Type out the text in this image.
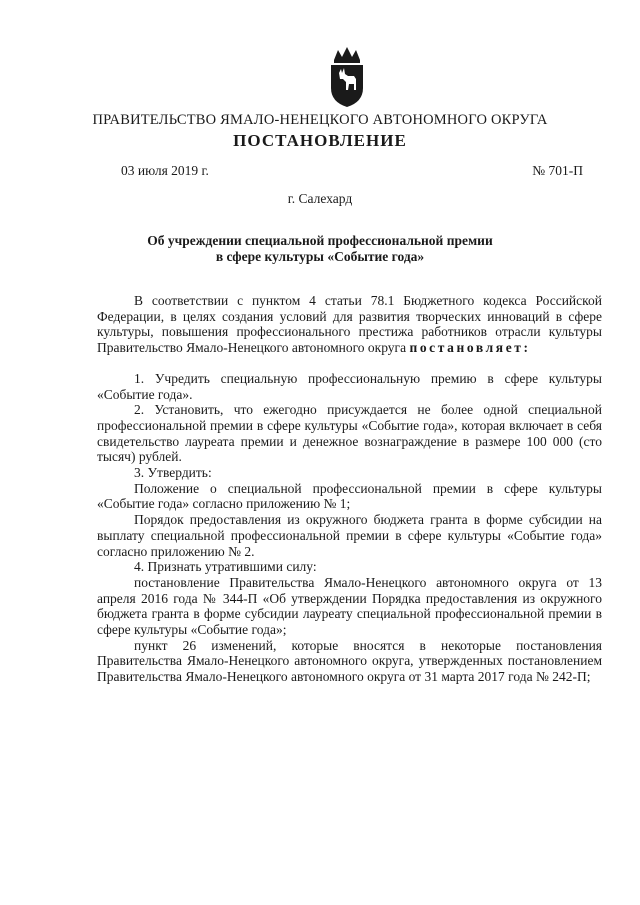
ПРАВИТЕЛЬСТВО ЯМАЛО-НЕНЕЦКОГО АВТОНОМНОГО ОКРУГА
ПОСТАНОВЛЕНИЕ
03 июля 2019 г.	№ 701-П
г. Салехард
Об учреждении специальной профессиональной премии
в сфере культуры «Событие года»

В соответствии с пунктом 4 статьи 78.1 Бюджетного кодекса Российской Федерации, в целях создания условий для развития творческих инноваций в сфере культуры, повышения профессионального престижа работников отрасли культуры Правительство Ямало-Ненецкого автономного округа постановляет:

1. Учредить специальную профессиональную премию в сфере культуры «Событие года».

2. Установить, что ежегодно присуждается не более одной специальной профессиональной премии в сфере культуры «Событие года», которая включает в себя свидетельство лауреата премии и денежное вознаграждение в размере 100 000 (сто тысяч) рублей.

3. Утвердить:

Положение о специальной профессиональной премии в сфере культуры «Событие года» согласно приложению № 1;

Порядок предоставления из окружного бюджета гранта в форме субсидии на выплату специальной профессиональной премии в сфере культуры «Событие года» согласно приложению № 2.

4. Признать утратившими силу:

постановление Правительства Ямало-Ненецкого автономного округа от 13 апреля 2016 года № 344-П «Об утверждении Порядка предоставления из окружного бюджета гранта в форме субсидии лауреату специальной профессиональной премии в сфере культуры «Событие года»;

пункт 26 изменений, которые вносятся в некоторые постановления Правительства Ямало-Ненецкого автономного округа, утвержденных постановлением Правительства Ямало-Ненецкого автономного округа от 31 марта 2017 года № 242-П;
